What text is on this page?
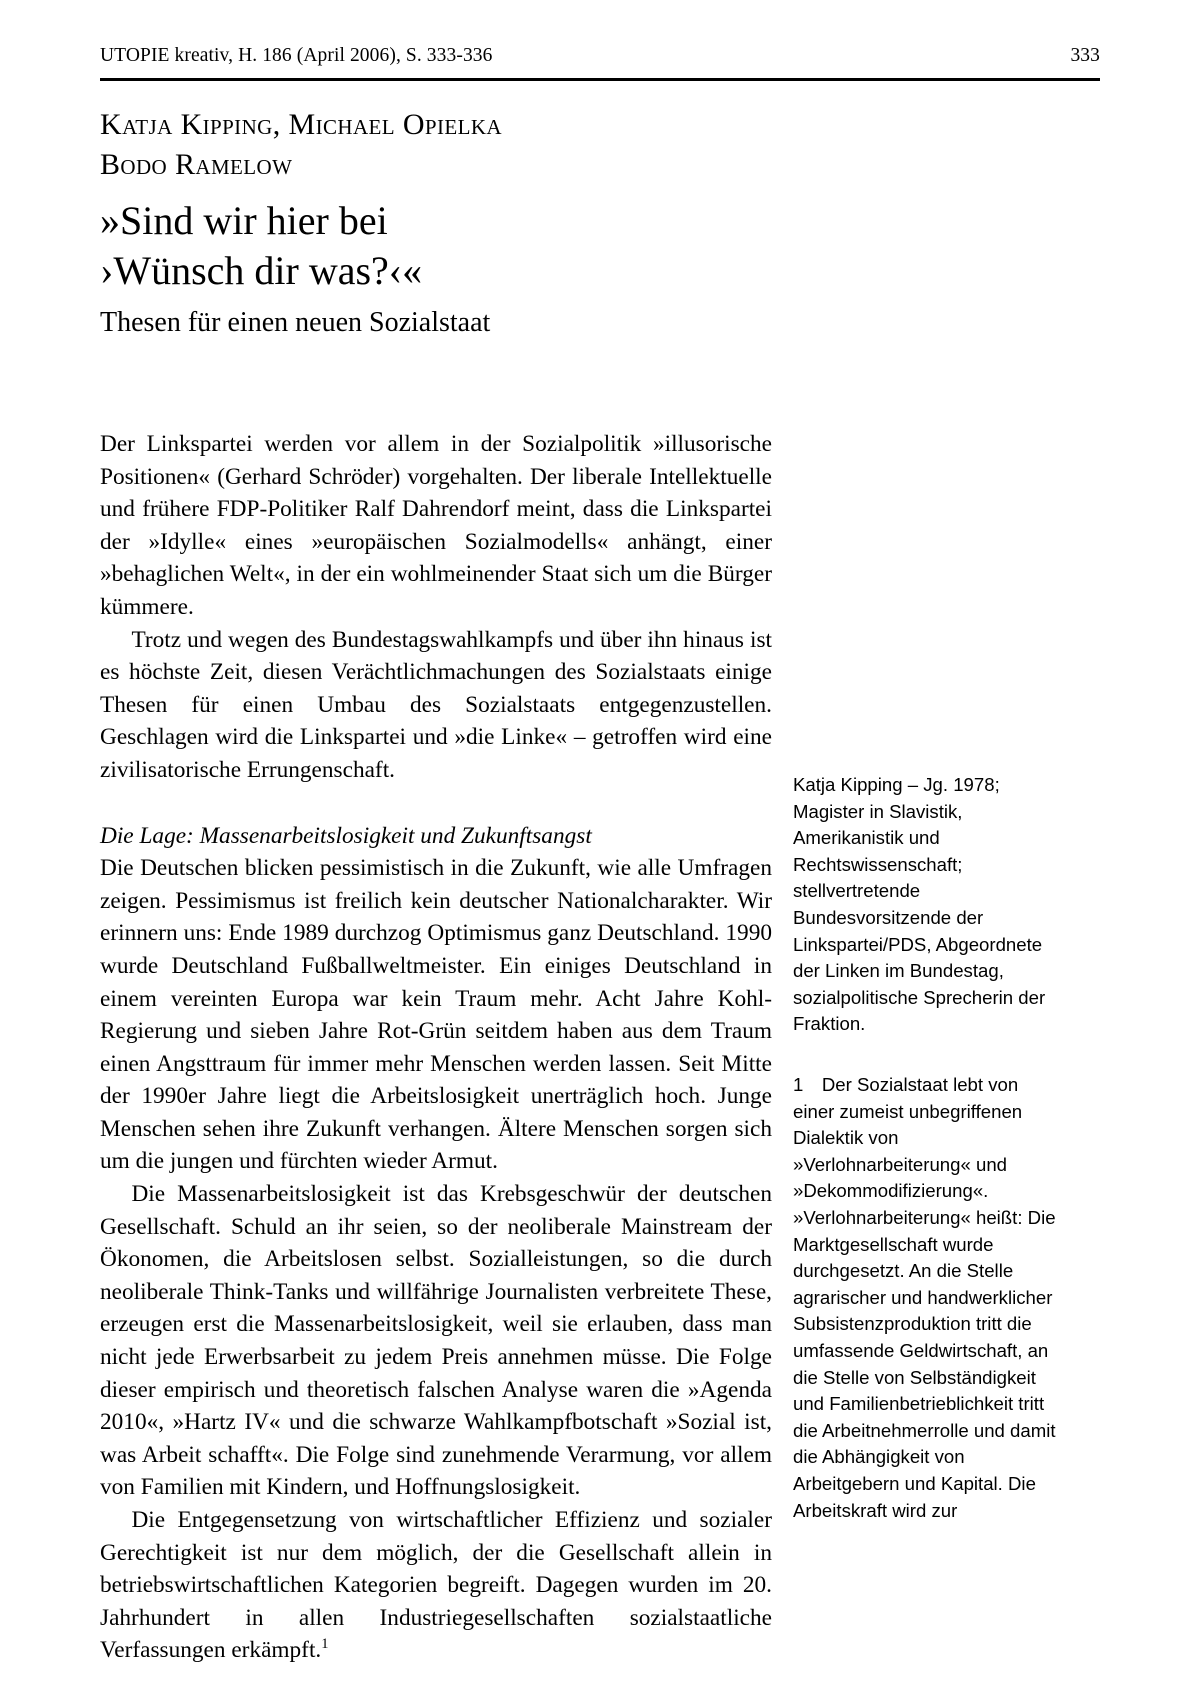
UTOPIE kreativ, H. 186 (April 2006), S. 333-336	333
Katja Kipping, Michael Opielka
Bodo Ramelow
»Sind wir hier bei
›Wünsch dir was?‹«
Thesen für einen neuen Sozialstaat

Der Linkspartei werden vor allem in der Sozialpolitik »illusorische Positionen« (Gerhard Schröder) vorgehalten. Der liberale Intellektuelle und frühere FDP-Politiker Ralf Dahrendorf meint, dass die Linkspartei der »Idylle« eines »europäischen Sozialmodells« anhängt, einer »behaglichen Welt«, in der ein wohlmeinender Staat sich um die Bürger kümmere.

Trotz und wegen des Bundestagswahlkampfs und über ihn hinaus ist es höchste Zeit, diesen Verächtlichmachungen des Sozialstaats einige Thesen für einen Umbau des Sozialstaats entgegenzustellen. Geschlagen wird die Linkspartei und »die Linke« – getroffen wird eine zivilisatorische Errungenschaft.

Die Lage: Massenarbeitslosigkeit und Zukunftsangst

Die Deutschen blicken pessimistisch in die Zukunft, wie alle Umfragen zeigen. Pessimismus ist freilich kein deutscher Nationalcharakter. Wir erinnern uns: Ende 1989 durchzog Optimismus ganz Deutschland. 1990 wurde Deutschland Fußballweltmeister. Ein einiges Deutschland in einem vereinten Europa war kein Traum mehr. Acht Jahre Kohl-Regierung und sieben Jahre Rot-Grün seitdem haben aus dem Traum einen Angsttraum für immer mehr Menschen werden lassen. Seit Mitte der 1990er Jahre liegt die Arbeitslosigkeit unerträglich hoch. Junge Menschen sehen ihre Zukunft verhangen. Ältere Menschen sorgen sich um die jungen und fürchten wieder Armut.

Die Massenarbeitslosigkeit ist das Krebsgeschwür der deutschen Gesellschaft. Schuld an ihr seien, so der neoliberale Mainstream der Ökonomen, die Arbeitslosen selbst. Sozialleistungen, so die durch neoliberale Think-Tanks und willfährige Journalisten verbreitete These, erzeugen erst die Massenarbeitslosigkeit, weil sie erlauben, dass man nicht jede Erwerbsarbeit zu jedem Preis annehmen müsse. Die Folge dieser empirisch und theoretisch falschen Analyse waren die »Agenda 2010«, »Hartz IV« und die schwarze Wahlkampfbotschaft »Sozial ist, was Arbeit schafft«. Die Folge sind zunehmende Verarmung, vor allem von Familien mit Kindern, und Hoffnungslosigkeit.

Die Entgegensetzung von wirtschaftlicher Effizienz und sozialer Gerechtigkeit ist nur dem möglich, der die Gesellschaft allein in betriebswirtschaftlichen Kategorien begreift. Dagegen wurden im 20. Jahrhundert in allen Industriegesellschaften sozialstaatliche Verfassungen erkämpft.$^1$

Katja Kipping – Jg. 1978; Magister in Slavistik, Amerikanistik und Rechtswissenschaft; stellvertretende Bundesvorsitzende der Linkspartei/PDS, Abgeordnete der Linken im Bundestag, sozialpolitische Sprecherin der Fraktion.

1 Der Sozialstaat lebt von einer zumeist unbegriffenen Dialektik von »Verlohnarbeiterung« und »Dekommodifizierung«. »Verlohnarbeiterung« heißt: Die Marktgesellschaft wurde durchgesetzt. An die Stelle agrarischer und handwerklicher Subsistenzproduktion tritt die umfassende Geldwirtschaft, an die Stelle von Selbständigkeit und Familienbetrieblichkeit tritt die Arbeitnehmerrolle und damit die Abhängigkeit von Arbeitgebern und Kapital. Die Arbeitskraft wird zur
